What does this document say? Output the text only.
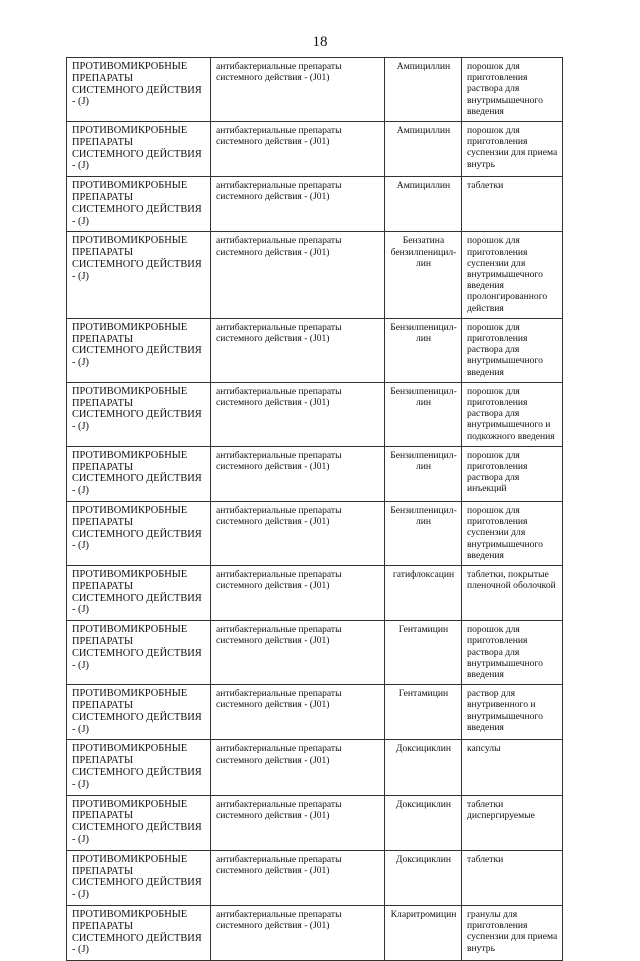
18
ПРОТИВОМИКРОБНЫЕ ПРЕПАРАТЫ СИСТЕМНОГО ДЕЙСТВИЯ - (J)	антибактериальные препараты системного действия - (J01)	Ампициллин	порошок для приготовления раствора для внутримышечного введения
ПРОТИВОМИКРОБНЫЕ ПРЕПАРАТЫ СИСТЕМНОГО ДЕЙСТВИЯ - (J)	антибактериальные препараты системного действия - (J01)	Ампициллин	порошок для приготовления суспензии для приема внутрь
ПРОТИВОМИКРОБНЫЕ ПРЕПАРАТЫ СИСТЕМНОГО ДЕЙСТВИЯ - (J)	антибактериальные препараты системного действия - (J01)	Ампициллин	таблетки
ПРОТИВОМИКРОБНЫЕ ПРЕПАРАТЫ СИСТЕМНОГО ДЕЙСТВИЯ - (J)	антибактериальные препараты системного действия - (J01)	Бензатина бензилпеницил-лин	порошок для приготовления суспензии для внутримышечного введения пролонгированного действия
ПРОТИВОМИКРОБНЫЕ ПРЕПАРАТЫ СИСТЕМНОГО ДЕЙСТВИЯ - (J)	антибактериальные препараты системного действия - (J01)	Бензилпеницил-лин	порошок для приготовления раствора для внутримышечного введения
ПРОТИВОМИКРОБНЫЕ ПРЕПАРАТЫ СИСТЕМНОГО ДЕЙСТВИЯ - (J)	антибактериальные препараты системного действия - (J01)	Бензилпеницил-лин	порошок для приготовления раствора для внутримышечного и подкожного введения
ПРОТИВОМИКРОБНЫЕ ПРЕПАРАТЫ СИСТЕМНОГО ДЕЙСТВИЯ - (J)	антибактериальные препараты системного действия - (J01)	Бензилпеницил-лин	порошок для приготовления раствора для инъекций
ПРОТИВОМИКРОБНЫЕ ПРЕПАРАТЫ СИСТЕМНОГО ДЕЙСТВИЯ - (J)	антибактериальные препараты системного действия - (J01)	Бензилпеницил-лин	порошок для приготовления суспензии для внутримышечного введения
ПРОТИВОМИКРОБНЫЕ ПРЕПАРАТЫ СИСТЕМНОГО ДЕЙСТВИЯ - (J)	антибактериальные препараты системного действия - (J01)	гатифлоксацин	таблетки, покрытые пленочной оболочкой
ПРОТИВОМИКРОБНЫЕ ПРЕПАРАТЫ СИСТЕМНОГО ДЕЙСТВИЯ - (J)	антибактериальные препараты системного действия - (J01)	Гентамицин	порошок для приготовления раствора для внутримышечного введения
ПРОТИВОМИКРОБНЫЕ ПРЕПАРАТЫ СИСТЕМНОГО ДЕЙСТВИЯ - (J)	антибактериальные препараты системного действия - (J01)	Гентамицин	раствор для внутривенного и внутримышечного введения
ПРОТИВОМИКРОБНЫЕ ПРЕПАРАТЫ СИСТЕМНОГО ДЕЙСТВИЯ - (J)	антибактериальные препараты системного действия - (J01)	Доксициклин	капсулы
ПРОТИВОМИКРОБНЫЕ ПРЕПАРАТЫ СИСТЕМНОГО ДЕЙСТВИЯ - (J)	антибактериальные препараты системного действия - (J01)	Доксициклин	таблетки диспергируемые
ПРОТИВОМИКРОБНЫЕ ПРЕПАРАТЫ СИСТЕМНОГО ДЕЙСТВИЯ - (J)	антибактериальные препараты системного действия - (J01)	Доксициклин	таблетки
ПРОТИВОМИКРОБНЫЕ ПРЕПАРАТЫ СИСТЕМНОГО ДЕЙСТВИЯ - (J)	антибактериальные препараты системного действия - (J01)	Кларитромицин	гранулы для приготовления суспензии для приема внутрь
